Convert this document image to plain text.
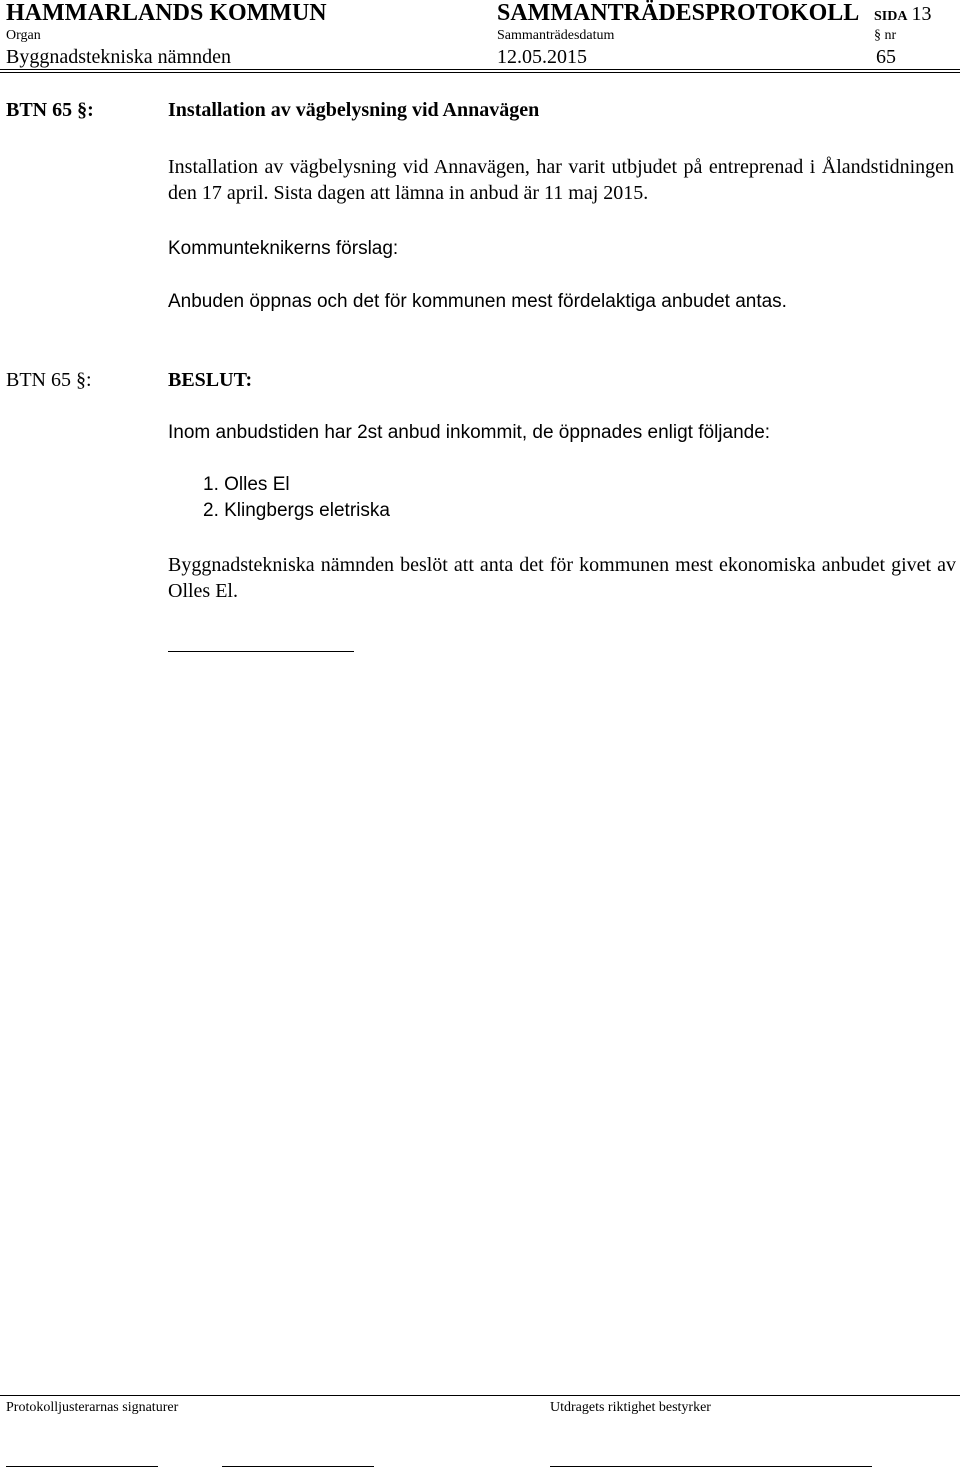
HAMMARLANDS KOMMUN	SAMMANTRÄDESPROTOKOLL SIDA 13
Organ	Sammanträdesdatum	§ nr
Byggnadstekniska nämnden	12.05.2015	65
BTN 65 §:	Installation av vägbelysning vid Annavägen
Installation av vägbelysning vid Annavägen, har varit utbjudet på entreprenad i Ålandstidningen den 17 april. Sista dagen att lämna in anbud är 11 maj 2015.
Kommunteknikerns förslag:
Anbuden öppnas och det för kommunen mest fördelaktiga anbudet antas.
BTN 65 §:	BESLUT:
Inom anbudstiden har 2st anbud inkommit, de öppnades enligt följande:
1. Olles El
2. Klingbergs eletriska
Byggnadstekniska nämnden beslöt att anta det för kommunen mest ekonomiska anbudet givet av Olles El.
Protokolljusterarnas signaturer	Utdragets riktighet bestyrker
